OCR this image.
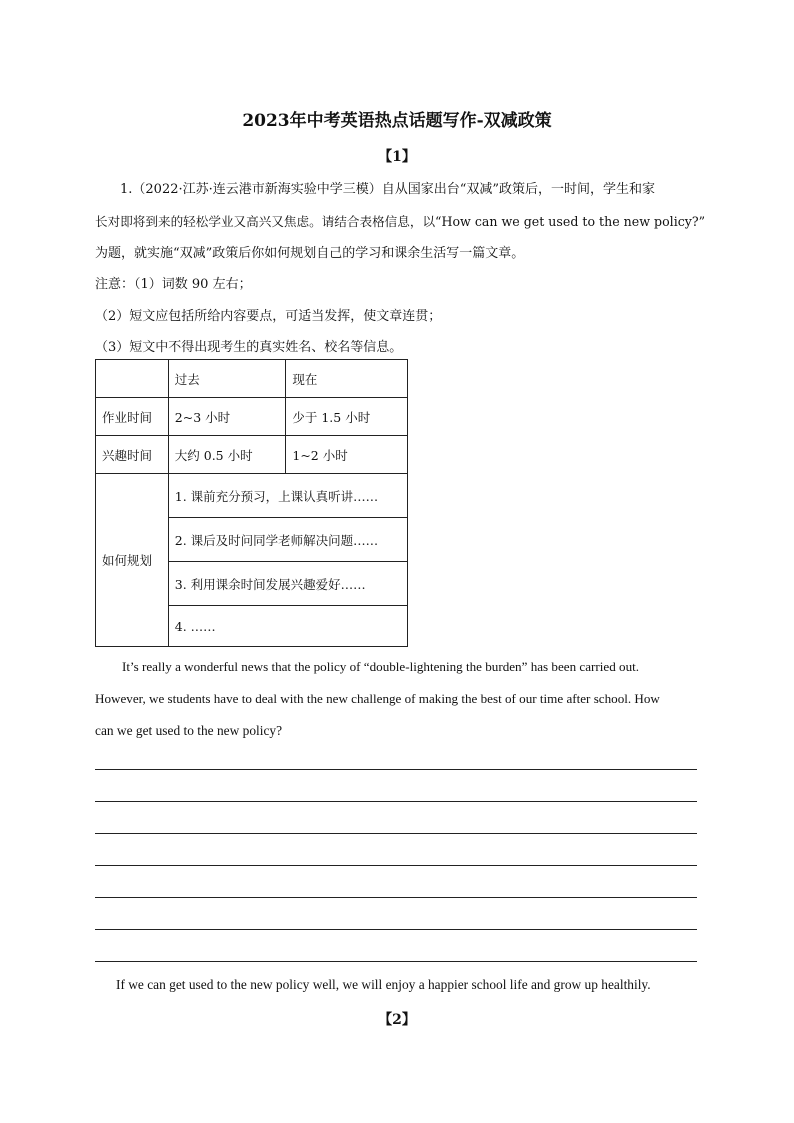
2023年中考英语热点话题写作-双减政策
【1】
1.（2022·江苏·连云港市新海实验中学三模）自从国家出台“双减”政策后，一时间，学生和家
长对即将到来的轻松学业又高兴又焦虑。请结合表格信息，以“How can we get used to the new policy?”
为题，就实施“双减”政策后你如何规划自己的学习和课余生活写一篇文章。
注意：（1）词数 90 左右；
（2）短文应包括所给内容要点，可适当发挥，使文章连贯；
（3）短文中不得出现考生的真实姓名、校名等信息。
	过去	现在
作业时间	2~3 小时	少于 1.5 小时
兴趣时间	大约 0.5 小时	1~2 小时
如何规划	1. 课前充分预习，上课认真听讲……	
	2. 课后及时问同学老师解决问题……	
	3. 利用课余时间发展兴趣爱好……	
	4. ……	
It’s really a wonderful news that the policy of “double-lightening the burden” has been carried out.
However, we students have to deal with the new challenge of making the best of our time after school. How
can we get used to the new policy?
If we can get used to the new policy well, we will enjoy a happier school life and grow up healthily.
【2】
